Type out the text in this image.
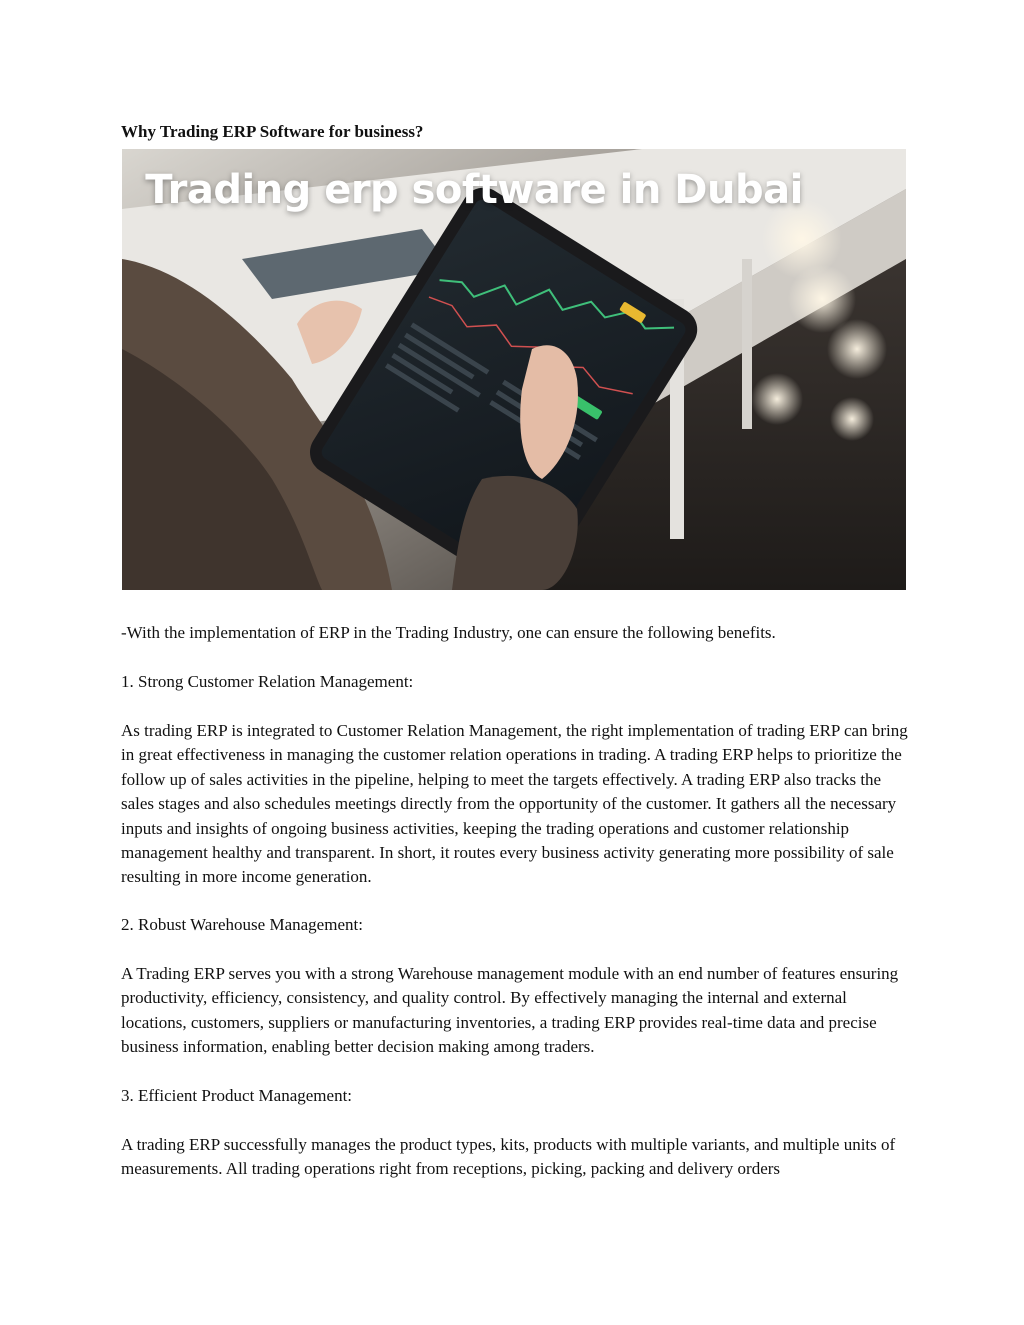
Why Trading ERP Software for business?
Trading erp software in Dubai

-With the implementation of ERP in the Trading Industry, one can ensure the following benefits.

1. Strong Customer Relation Management:

As trading ERP is integrated to Customer Relation Management, the right implementation of trading ERP can bring in great effectiveness in managing the customer relation operations in trading. A trading ERP helps to prioritize the follow up of sales activities in the pipeline, helping to meet the targets effectively. A trading ERP also tracks the sales stages and also schedules meetings directly from the opportunity of the customer. It gathers all the necessary inputs and insights of ongoing business activities, keeping the trading operations and customer relationship management healthy and transparent. In short, it routes every business activity generating more possibility of sale resulting in more income generation.

2. Robust Warehouse Management:

A Trading ERP serves you with a strong Warehouse management module with an end number of features ensuring productivity, efficiency, consistency, and quality control. By effectively managing the internal and external locations, customers, suppliers or manufacturing inventories, a trading ERP provides real-time data and precise business information, enabling better decision making among traders.

3. Efficient Product Management:

A trading ERP successfully manages the product types, kits, products with multiple variants, and multiple units of measurements. All trading operations right from receptions, picking, packing and delivery orders
